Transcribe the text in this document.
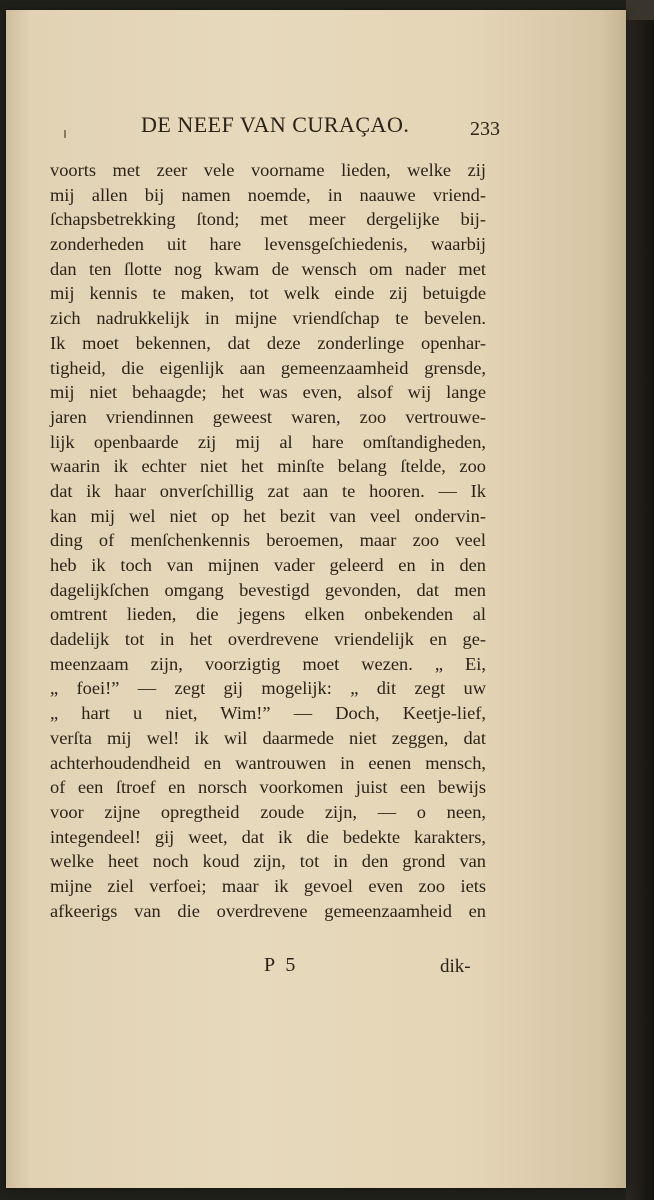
DE NEEF VAN CURAÇAO.	233
voorts met zeer vele voorname lieden, welke zij
mij allen bij namen noemde, in naauwe vriend-
ſchapsbetrekking ſtond; met meer dergelijke bij-
zonderheden uit hare levensgeſchiedenis, waarbij
dan ten ſlotte nog kwam de wensch om nader met
mij kennis te maken, tot welk einde zij betuigde
zich nadrukkelijk in mijne vriendſchap te bevelen.
Ik moet bekennen, dat deze zonderlinge openhar-
tigheid, die eigenlijk aan gemeenzaamheid grensde,
mij niet behaagde; het was even, alsof wij lange
jaren vriendinnen geweest waren, zoo vertrouwe-
lijk openbaarde zij mij al hare omſtandigheden,
waarin ik echter niet het minſte belang ſtelde, zoo
dat ik haar onverſchillig zat aan te hooren. — Ik
kan mij wel niet op het bezit van veel ondervin-
ding of menſchenkennis beroemen, maar zoo veel
heb ik toch van mijnen vader geleerd en in den
dagelijkſchen omgang bevestigd gevonden, dat men
omtrent lieden, die jegens elken onbekenden al
dadelijk tot in het overdrevene vriendelijk en ge-
meenzaam zijn, voorzigtig moet wezen. „ Ei,
„ foei!” — zegt gij mogelijk: „ dit zegt uw
„ hart u niet, Wim!” — Doch, Keetje-lief,
verſta mij wel! ik wil daarmede niet zeggen, dat
achterhoudendheid en wantrouwen in eenen mensch,
of een ſtroef en norsch voorkomen juist een bewijs
voor zijne opregtheid zoude zijn, — o neen,
integendeel! gij weet, dat ik die bedekte karakters,
welke heet noch koud zijn, tot in den grond van
mijne ziel verfoei; maar ik gevoel even zoo iets
afkeerigs van die overdrevene gemeenzaamheid en
P 5	dik-
